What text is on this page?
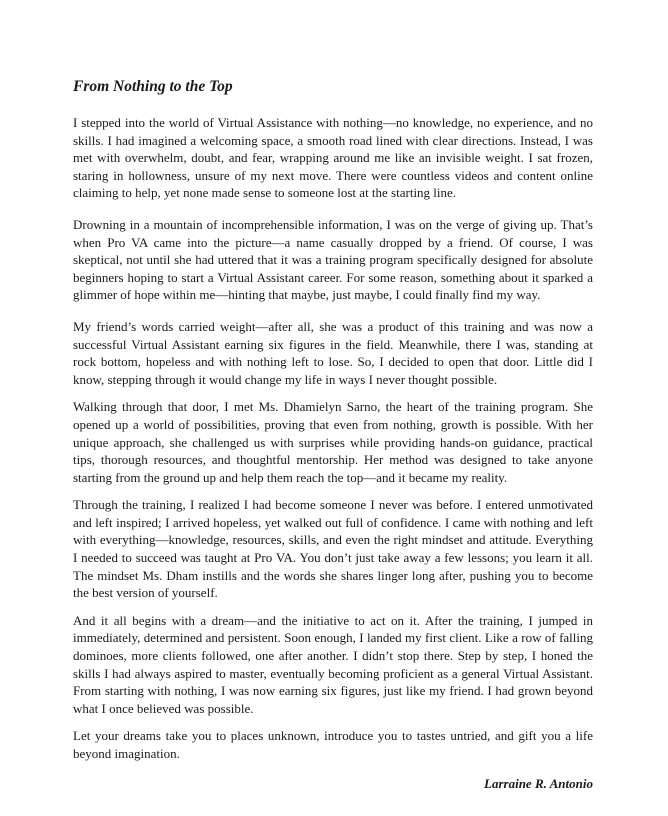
From Nothing to the Top

I stepped into the world of Virtual Assistance with nothing—no knowledge, no experience, and no skills. I had imagined a welcoming space, a smooth road lined with clear directions. Instead, I was met with overwhelm, doubt, and fear, wrapping around me like an invisible weight. I sat frozen, staring in hollowness, unsure of my next move. There were countless videos and content online claiming to help, yet none made sense to someone lost at the starting line.

Drowning in a mountain of incomprehensible information, I was on the verge of giving up. That’s when Pro VA came into the picture—a name casually dropped by a friend. Of course, I was skeptical, not until she had uttered that it was a training program specifically designed for absolute beginners hoping to start a Virtual Assistant career. For some reason, something about it sparked a glimmer of hope within me—hinting that maybe, just maybe, I could finally find my way.

My friend’s words carried weight—after all, she was a product of this training and was now a successful Virtual Assistant earning six figures in the field. Meanwhile, there I was, standing at rock bottom, hopeless and with nothing left to lose. So, I decided to open that door. Little did I know, stepping through it would change my life in ways I never thought possible.

Walking through that door, I met Ms. Dhamielyn Sarno, the heart of the training program. She opened up a world of possibilities, proving that even from nothing, growth is possible. With her unique approach, she challenged us with surprises while providing hands-on guidance, practical tips, thorough resources, and thoughtful mentorship. Her method was designed to take anyone starting from the ground up and help them reach the top—and it became my reality.

Through the training, I realized I had become someone I never was before. I entered unmotivated and left inspired; I arrived hopeless, yet walked out full of confidence. I came with nothing and left with everything—knowledge, resources, skills, and even the right mindset and attitude. Everything I needed to succeed was taught at Pro VA. You don’t just take away a few lessons; you learn it all. The mindset Ms. Dham instills and the words she shares linger long after, pushing you to become the best version of yourself.

And it all begins with a dream—and the initiative to act on it. After the training, I jumped in immediately, determined and persistent. Soon enough, I landed my first client. Like a row of falling dominoes, more clients followed, one after another. I didn’t stop there. Step by step, I honed the skills I had always aspired to master, eventually becoming proficient as a general Virtual Assistant. From starting with nothing, I was now earning six figures, just like my friend. I had grown beyond what I once believed was possible.

Let your dreams take you to places unknown, introduce you to tastes untried, and gift you a life beyond imagination.

Larraine R. Antonio
